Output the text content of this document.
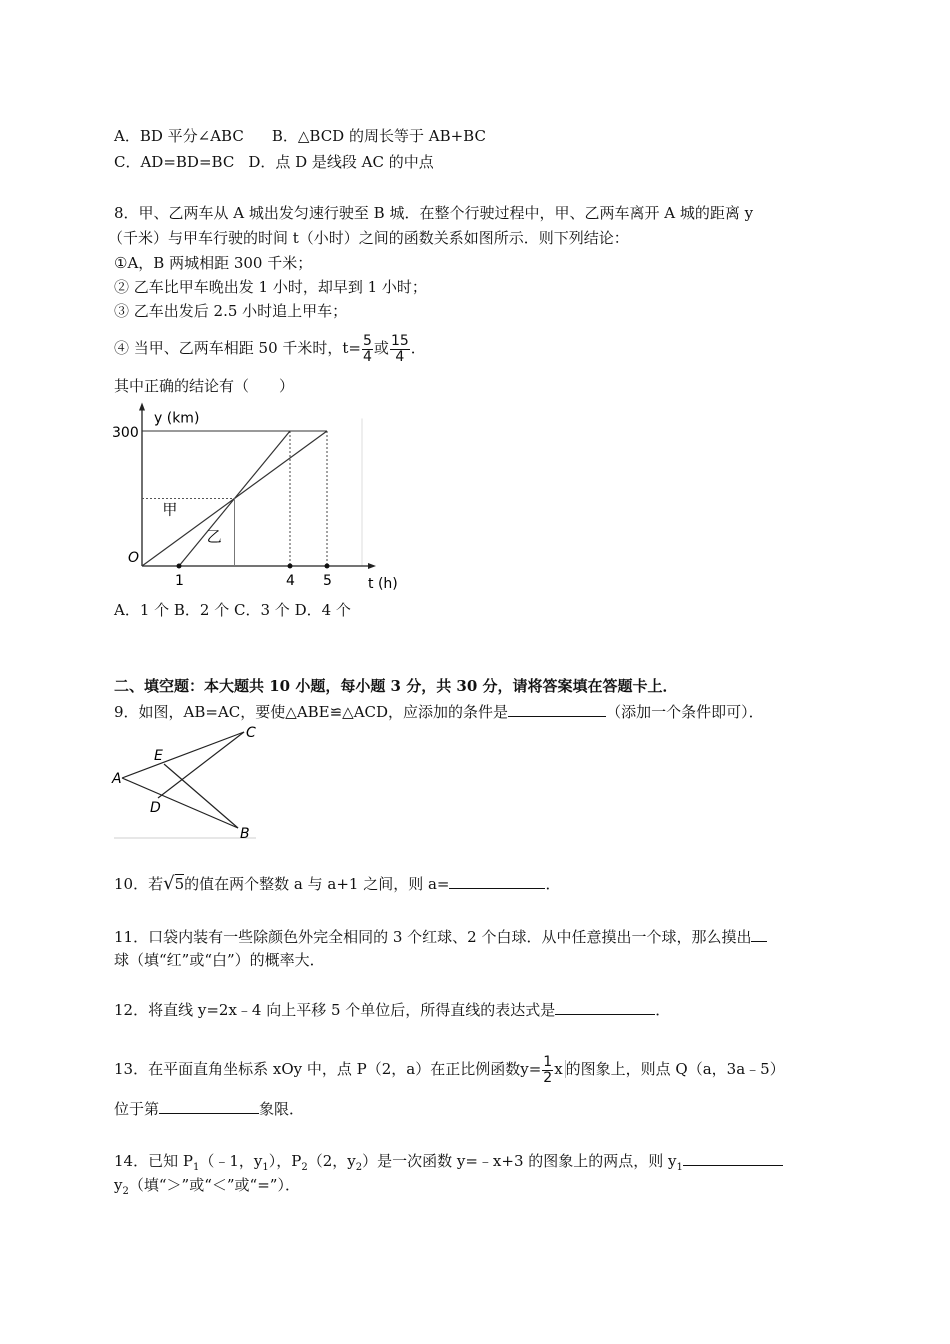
A．BD 平分∠ABC B．△BCD 的周长等于 AB+BC
C．AD=BD=BC D．点 D 是线段 AC 的中点
8．甲、乙两车从 A 城出发匀速行驶至 B 城．在整个行驶过程中，甲、乙两车离开 A 城的距离 y
（千米）与甲车行驶的时间 t（小时）之间的函数关系如图所示．则下列结论：
①A，B 两城相距 300 千米；
② 乙车比甲车晚出发 1 小时，却早到 1 小时；
③ 乙车出发后 2.5 小时追上甲车；
④ 当甲、乙两车相距 50 千米时，$t= \frac{5}{4}$ 或 $\frac{15}{4}$ ．
其中正确的结论有（　　）
y (km)
t (h)
O
300
1	4 5
甲
乙
A．1 个 B．2 个 C．3 个 D．4 个
二、填空题：本大题共 10 小题，每小题 3 分，共 30 分，请将答案填在答题卡上．
9．如图，AB=AC，要使△ABE≌△ACD，应添加的条件是	（添加一个条件即可）．
A
C
B
E
D
10．若√5的值在两个整数 a 与 a+1 之间，则 a=	．
11．口袋内装有一些除颜色外完全相同的 3 个红球、2 个白球．从中任意摸出一个球，那么摸出
球（填“红”或“白”）的概率大．
12．将直线 y=2x﹣4 向上平移 5 个单位后，所得直线的表达式是	．
13．在平面直角坐标系 xOy 中，点 P（2，a）在正比例函数$y= \frac{1}{2}$ x 的图象上，则点 Q（a，3a﹣5）
位于第	象限．
14．已知 $P_1(﹣1$，$y_1$），$P_2(2$，$y_2$）是一次函数 y=﹣x+3 的图象上的两点，则 $y_1$
$y_2$（填“＞”或“＜”或“=”）．
